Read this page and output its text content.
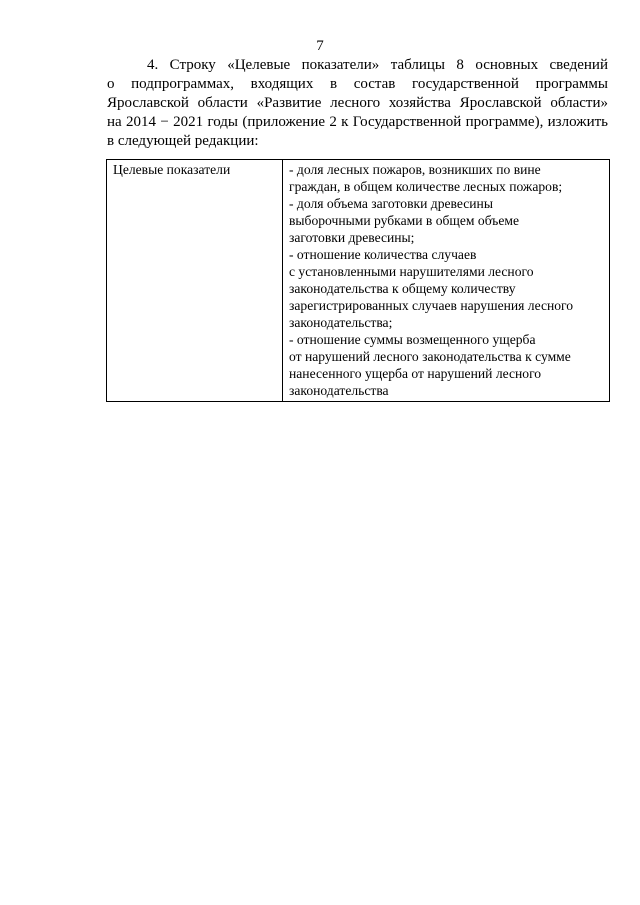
7
4. Строку «Целевые показатели» таблицы 8 основных сведений
о подпрограммах, входящих в состав государственной программы
Ярославской области «Развитие лесного хозяйства Ярославской области»
на 2014 − 2021 годы (приложение 2 к Государственной программе), изложить
в следующей редакции:
Целевые показатели	- доля лесных пожаров, возникших по вине
граждан, в общем количестве лесных пожаров;
- доля объема заготовки древесины
выборочными рубками в общем объеме
заготовки древесины;
- отношение количества случаев
с установленными нарушителями лесного
законодательства к общему количеству
зарегистрированных случаев нарушения лесного
законодательства;
- отношение суммы возмещенного ущерба
от нарушений лесного законодательства к сумме
нанесенного ущерба от нарушений лесного
законодательства
